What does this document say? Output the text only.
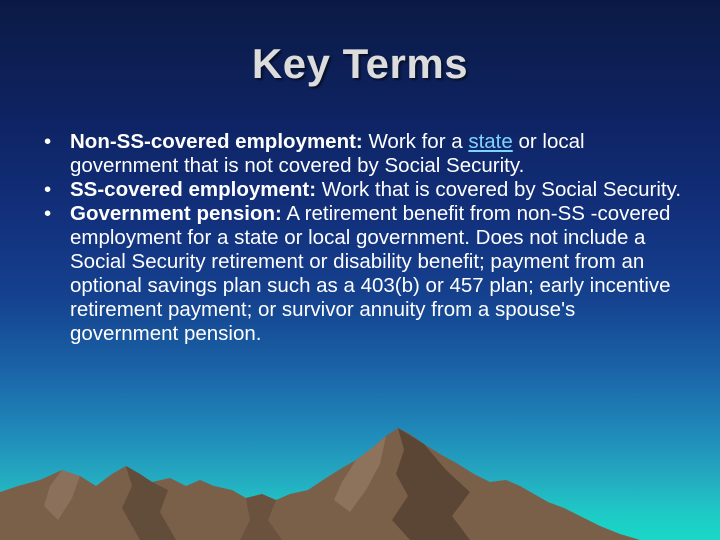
Key Terms
• Non-SS-covered employment: Work for a state or local government that is not covered by Social Security.
• SS-covered employment: Work that is covered by Social Security.
• Government pension: A retirement benefit from non-SS -covered employment for a state or local government. Does not include a Social Security retirement or disability benefit; payment from an optional savings plan such as a 403(b) or 457 plan; early incentive retirement payment; or survivor annuity from a spouse's government pension.
